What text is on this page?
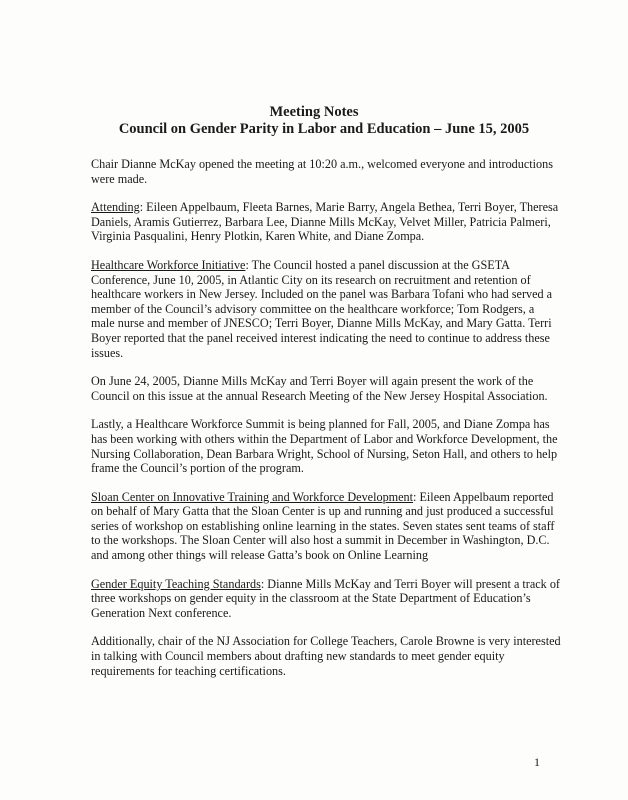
Meeting Notes
Council on Gender Parity in Labor and Education – June 15, 2005

Chair Dianne McKay opened the meeting at 10:20 a.m., welcomed everyone and introductions were made.

Attending: Eileen Appelbaum, Fleeta Barnes, Marie Barry, Angela Bethea, Terri Boyer, Theresa Daniels, Aramis Gutierrez, Barbara Lee, Dianne Mills McKay, Velvet Miller, Patricia Palmeri, Virginia Pasqualini, Henry Plotkin, Karen White, and Diane Zompa.

Healthcare Workforce Initiative: The Council hosted a panel discussion at the GSETA Conference, June 10, 2005, in Atlantic City on its research on recruitment and retention of healthcare workers in New Jersey. Included on the panel was Barbara Tofani who had served a member of the Council’s advisory committee on the healthcare workforce; Tom Rodgers, a male nurse and member of JNESCO; Terri Boyer, Dianne Mills McKay, and Mary Gatta. Terri Boyer reported that the panel received interest indicating the need to continue to address these issues.

On June 24, 2005, Dianne Mills McKay and Terri Boyer will again present the work of the Council on this issue at the annual Research Meeting of the New Jersey Hospital Association.

Lastly, a Healthcare Workforce Summit is being planned for Fall, 2005, and Diane Zompa has has been working with others within the Department of Labor and Workforce Development, the Nursing Collaboration, Dean Barbara Wright, School of Nursing, Seton Hall, and others to help frame the Council’s portion of the program.

Sloan Center on Innovative Training and Workforce Development: Eileen Appelbaum reported on behalf of Mary Gatta that the Sloan Center is up and running and just produced a successful series of workshop on establishing online learning in the states. Seven states sent teams of staff to the workshops. The Sloan Center will also host a summit in December in Washington, D.C. and among other things will release Gatta’s book on Online Learning

Gender Equity Teaching Standards: Dianne Mills McKay and Terri Boyer will present a track of three workshops on gender equity in the classroom at the State Department of Education’s Generation Next conference.

Additionally, chair of the NJ Association for College Teachers, Carole Browne is very interested in talking with Council members about drafting new standards to meet gender equity requirements for teaching certifications.

1
